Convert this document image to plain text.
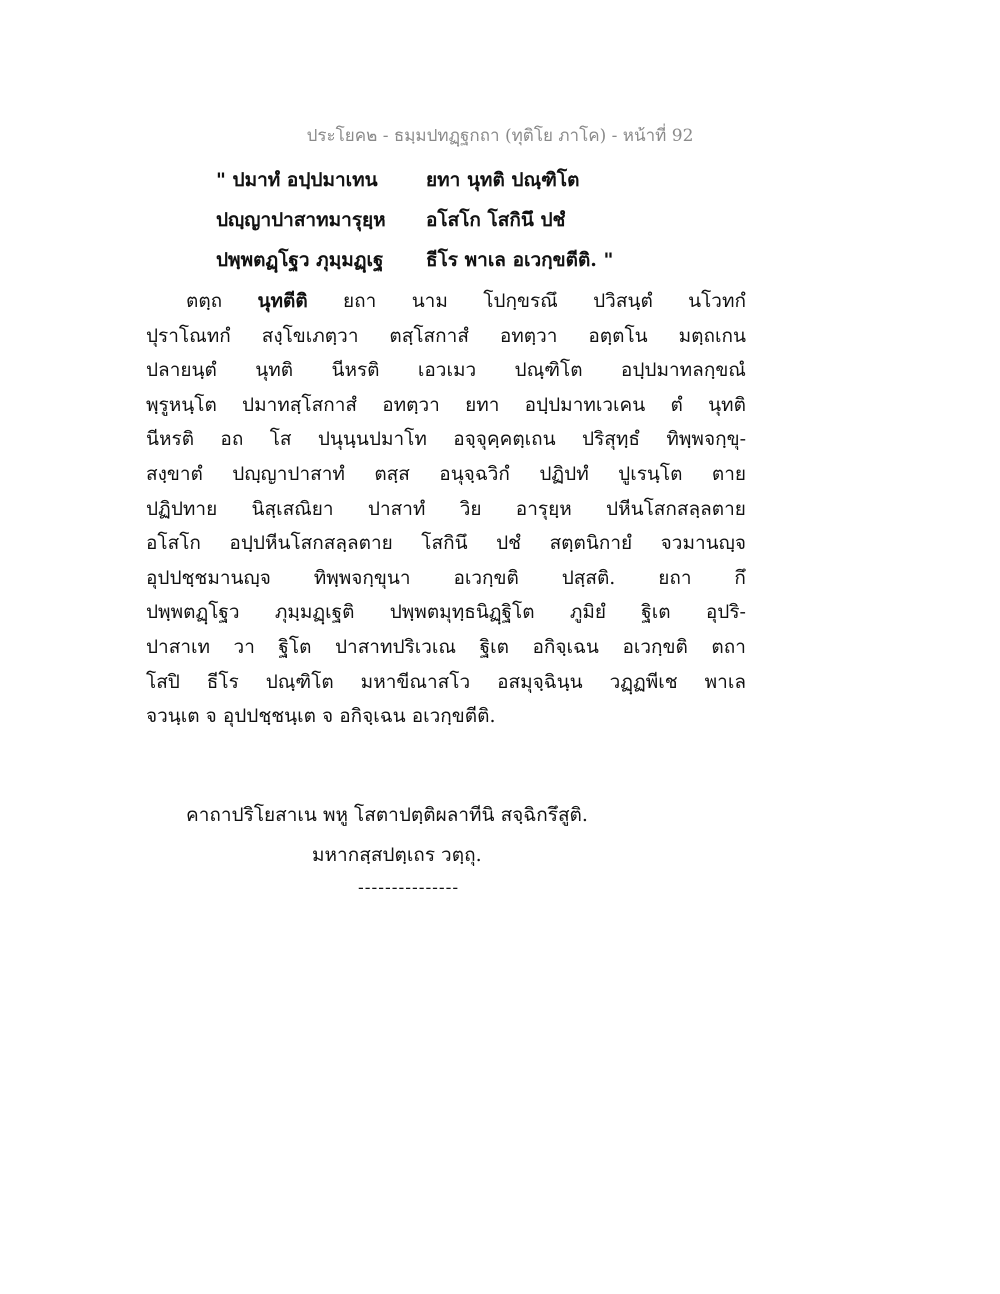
ประโยค๒ - ธมฺมปทฏฺฐกถา (ทุติโย ภาโค) - หน้าที่ 92
" ปมาทํ อปฺปมาเทน	ยทา นุทติ ปณฺฑิโต
ปญฺญาปาสาทมารุยฺห	อโสโก โสกินึ ปชํ
ปพฺพตฏฺโฐว ภุมฺมฏฺเฐ	ธีโร พาเล อเวกฺขตีติ. "
ตตฺถ นุทตีติ ยถา นาม โปกฺขรณึ ปวิสนฺตํ นโวทกํ
ปุราโณทกํ สงฺโขเภตฺวา ตสฺโสกาสํ อทตฺวา อตฺตโน มตฺถเกน
ปลายนฺตํ นุทติ นีหรติ เอวเมว ปณฺฑิโต อปฺปมาทลกฺขณํ
พฺรูหนฺโต ปมาทสฺโสกาสํ อทตฺวา ยทา อปฺปมาทเวเคน ตํ นุทติ
นีหรติ อถ โส ปนุนฺนปมาโท อจฺจุคฺคตฺเถน ปริสุทฺธํ ทิพฺพจกฺขุ-
สงฺขาตํ ปญฺญาปาสาทํ ตสฺส อนุจฺฉวิกํ ปฏิปทํ ปูเรนฺโต ตาย
ปฏิปทาย นิสฺเสณิยา ปาสาทํ วิย อารุยฺห ปหีนโสกสลฺลตาย
อโสโก อปฺปหีนโสกสลฺลตาย โสกินึ ปชํ สตฺตนิกายํ จวมานญฺจ
อุปปชฺชมานญฺจ ทิพฺพจกฺขุนา อเวกฺขติ ปสฺสติ. ยถา กึ
ปพฺพตฏฺโฐว ภุมฺมฏฺเฐติ ปพฺพตมุทฺธนิฏฺฐิโต ภูมิยํ ฐิเต อุปริ-
ปาสาเท วา ฐิโต ปาสาทปริเวเณ ฐิเต อกิจฺเฉน อเวกฺขติ ตถา
โสปิ ธีโร ปณฺฑิโต มหาขีณาสโว อสมุจฺฉินฺน วฏฺฏพีเช พาเล
จวนฺเต จ อุปปชฺชนฺเต จ อกิจฺเฉน อเวกฺขตีติ.
คาถาปริโยสาเน พหู โสตาปตฺติผลาทีนิ สจฺฉิกรึสูติ.
มหากสฺสปตฺเถร วตฺถุ.
---------------
